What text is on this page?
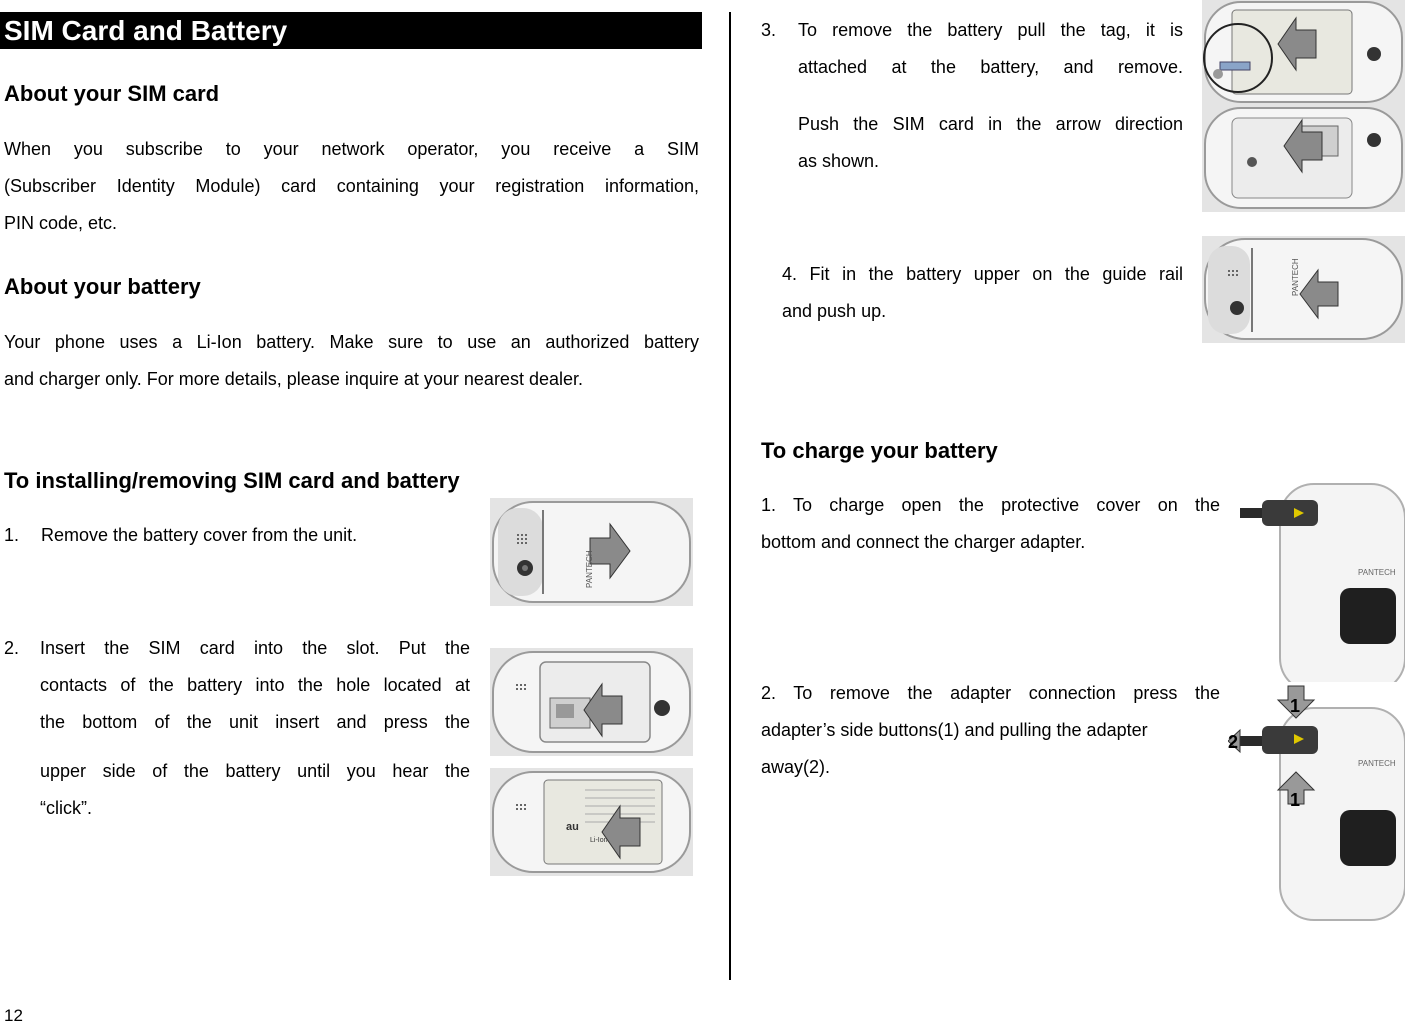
SIM Card and Battery
About your SIM card
When you subscribe to your network operator, you receive a SIM
(Subscriber Identity Module) card containing your registration information,
PIN code, etc.
About your battery
Your phone uses a Li-Ion battery. Make sure to use an authorized battery
and charger only. For more details, please inquire at your nearest dealer.
To installing/removing SIM card and battery
1. Remove the battery cover from the unit.
2. Insert the SIM card into the slot. Put the
contacts of the battery into the hole located at
the bottom of the unit insert and press the
upper side of the battery until you hear the
“click”.
PANTECH
au
Li-Ion
3. To remove the battery pull the tag, it is
attached at the battery, and remove.
Push the SIM card in the arrow direction
as shown.
4. Fit in the battery upper on the guide rail
and push up.
PANTECH
To charge your battery
1. To charge open the protective cover on the
bottom and connect the charger adapter.
2. To remove the adapter connection press the
adapter’s side buttons(1) and pulling the adapter
away(2).
PANTECH
PANTECH
1
1
2
12
